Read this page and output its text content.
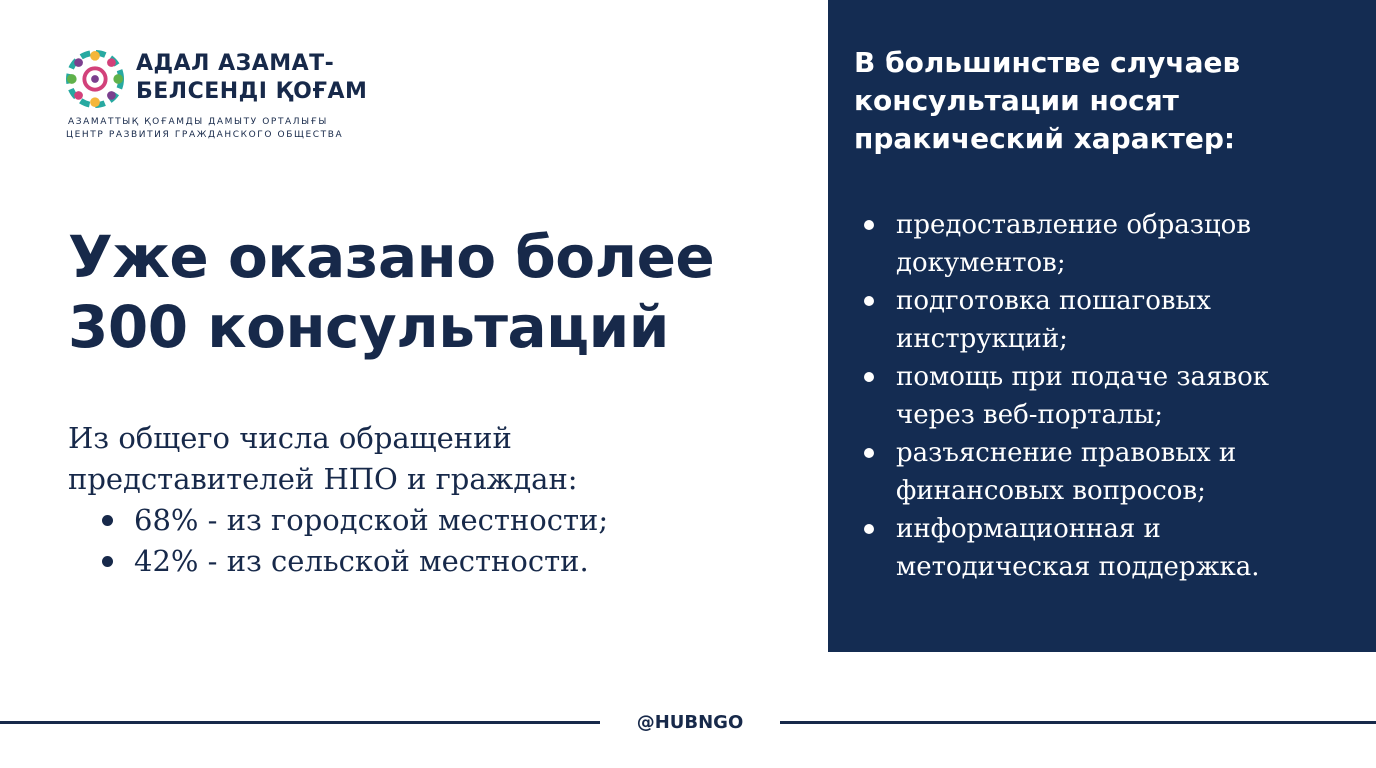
АДАЛ АЗАМАТ-
БЕЛСЕНДІ ҚОҒАМ
АЗАМАТТЫҚ ҚОҒАМДЫ ДАМЫТУ ОРТАЛЫҒЫ
ЦЕНТР РАЗВИТИЯ ГРАЖДАНСКОГО ОБЩЕСТВА
Уже оказано более
300 консультаций
Из общего числа обращений
представителей НПО и граждан:
68% - из городской местности;
42% - из сельской местности.
В большинстве случаев
консультации носят
пракический характер:
предоставление образцов
документов;
подготовка пошаговых
инструкций;
помощь при подаче заявок
через веб-порталы;
разъяснение правовых и
финансовых вопросов;
информационная и
методическая поддержка.
@HUBNGO
